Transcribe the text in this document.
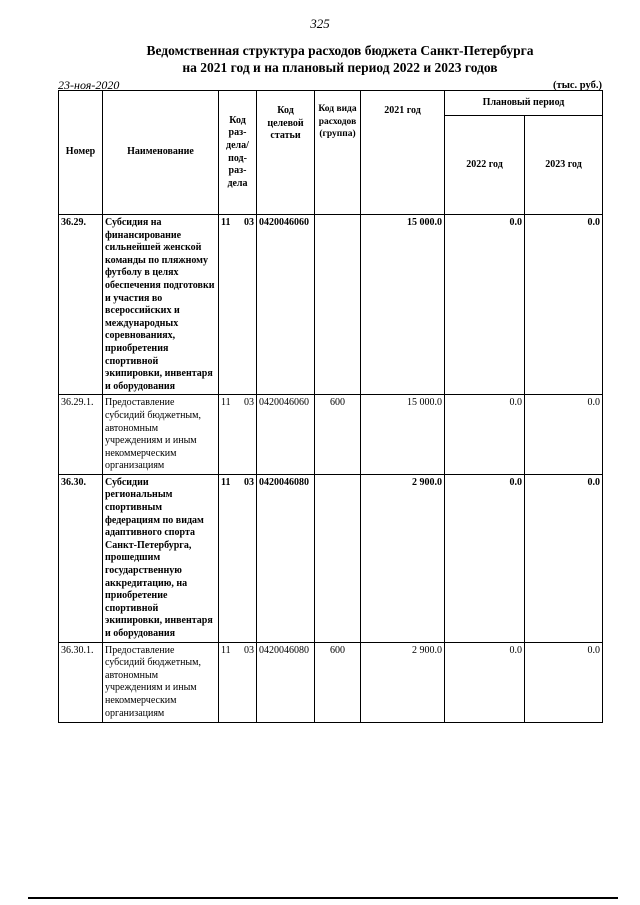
325
Ведомственная структура расходов бюджета Санкт-Петербурга
на 2021 год и на плановый период 2022 и 2023 годов
23-ноя-2020	(тыс. руб.)
Номер	Наименование	Код раз-дела/ под-раз-дела	Код целевой статьи	Код вида расходов (группа)	2021 год	Плановый период	
						2022 год	2023 год
36.29.	Субсидия на финансирование сильнейшей женской команды по пляжному футболу в целях обеспечения подготовки и участия во всероссийских и международных соревнованиях, приобретения спортивной экипировки, инвентаря и оборудования	11 03	0420046060		15 000.0	0.0	0.0
36.29.1.	Предоставление субсидий бюджетным, автономным учреждениям и иным некоммерческим организациям	11 03	0420046060	600	15 000.0	0.0	0.0
36.30.	Субсидии региональным спортивным федерациям по видам адаптивного спорта Санкт-Петербурга, прошедшим государственную аккредитацию, на приобретение спортивной экипировки, инвентаря и оборудования	11 03	0420046080		2 900.0	0.0	0.0
36.30.1.	Предоставление субсидий бюджетным, автономным учреждениям и иным некоммерческим организациям	11 03	0420046080	600	2 900.0	0.0	0.0
